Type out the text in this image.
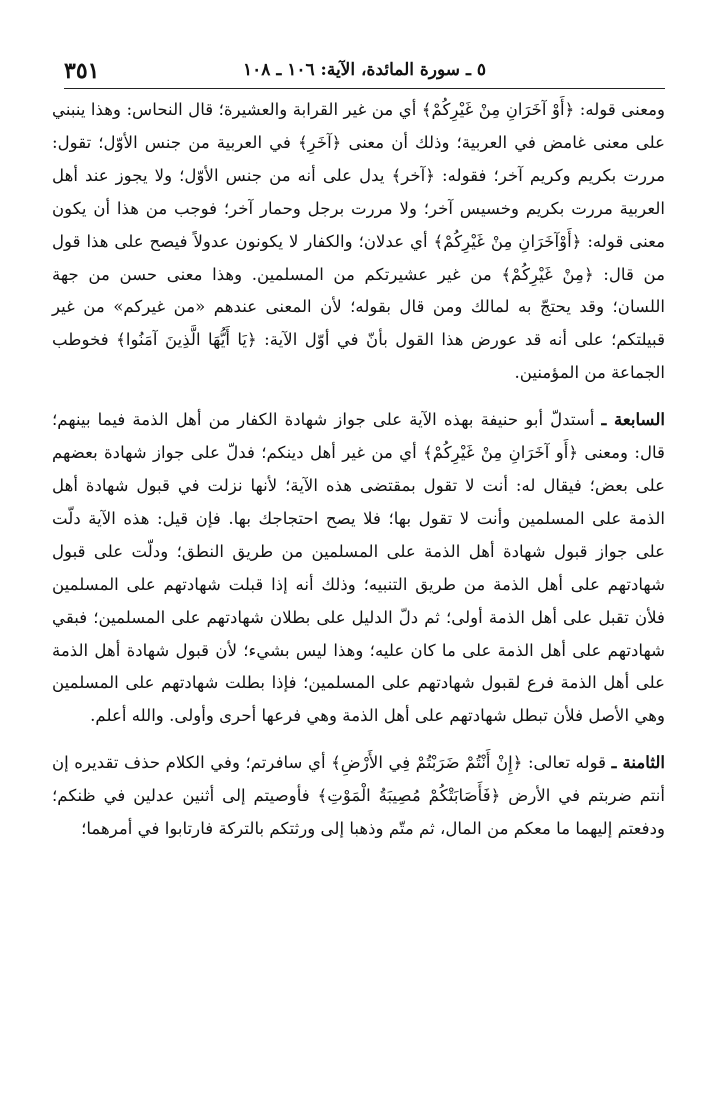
٥ ـ سورة المائدة، الآية: ١٠٦ ـ ١٠٨
٣٥١

ومعنى قوله: ﴿أَوْ آخَرَانِ مِنْ غَيْرِكُمْ﴾ أي من غير القرابة والعشيرة؛ قال النحاس: وهذا ينبني على معنى غامض في العربية؛ وذلك أن معنى ﴿آخَرِ﴾ في العربية من جنس الأوّل؛ تقول: مررت بكريم وكريم آخر؛ فقوله: ﴿آخر﴾ يدل على أنه من جنس الأوّل؛ ولا يجوز عند أهل العربية مررت بكريم وخسيس آخر؛ ولا مررت برجل وحمار آخر؛ فوجب من هذا أن يكون معنى قوله: ﴿أَوْآخَرَانِ مِنْ غَيْرِكُمْ﴾ أي عدلان؛ والكفار لا يكونون عدولاً فيصح على هذا قول من قال: ﴿مِنْ غَيْرِكُمْ﴾ من غير عشيرتكم من المسلمين. وهذا معنى حسن من جهة اللسان؛ وقد يحتجّ به لمالك ومن قال بقوله؛ لأن المعنى عندهم «من غيركم» من غير قبيلتكم؛ على أنه قد عورض هذا القول بأنّ في أوّل الآية: ﴿يَا أَيُّهَا الَّذِينَ آمَنُوا﴾ فخوطب الجماعة من المؤمنين.

السابعة ـ أستدلّ أبو حنيفة بهذه الآية على جواز شهادة الكفار من أهل الذمة فيما بينهم؛ قال: ومعنى ﴿أَو آخَرَانِ مِنْ غَيْرِكُمْ﴾ أي من غير أهل دينكم؛ فدلّ على جواز شهادة بعضهم على بعض؛ فيقال له: أنت لا تقول بمقتضى هذه الآية؛ لأنها نزلت في قبول شهادة أهل الذمة على المسلمين وأنت لا تقول بها؛ فلا يصح احتجاجك بها. فإن قيل: هذه الآية دلّت على جواز قبول شهادة أهل الذمة على المسلمين من طريق النطق؛ ودلّت على قبول شهادتهم على أهل الذمة من طريق التنبيه؛ وذلك أنه إذا قبلت شهادتهم على المسلمين فلأن تقبل على أهل الذمة أولى؛ ثم دلّ الدليل على بطلان شهادتهم على المسلمين؛ فبقي شهادتهم على أهل الذمة على ما كان عليه؛ وهذا ليس بشيء؛ لأن قبول شهادة أهل الذمة على أهل الذمة فرع لقبول شهادتهم على المسلمين؛ فإذا بطلت شهادتهم على المسلمين وهي الأصل فلأن تبطل شهادتهم على أهل الذمة وهي فرعها أحرى وأولى. والله أعلم.

الثامنة ـ قوله تعالى: ﴿إِنْ أَنْتُمْ ضَرَبْتُمْ فِي الأَرْضِ﴾ أي سافرتم؛ وفي الكلام حذف تقديره إن أنتم ضربتم في الأرض ﴿فَأَصَابَتْكُمْ مُصِيبَةُ الْمَوْتِ﴾ فأوصيتم إلى أثنين عدلين في ظنكم؛ ودفعتم إليهما ما معكم من المال، ثم متّم وذهبا إلى ورثتكم بالتركة فارتابوا في أمرهما؛
